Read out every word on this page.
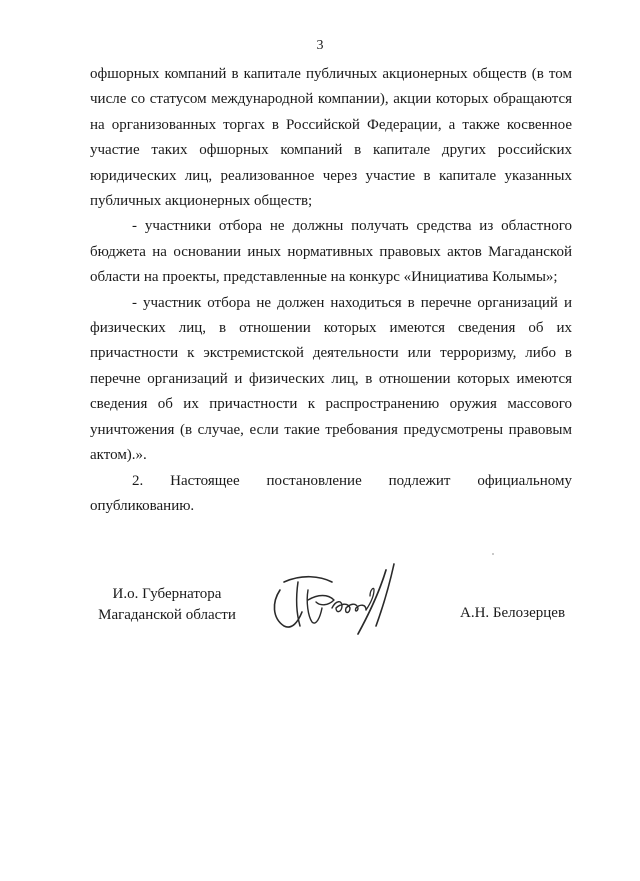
3

офшорных компаний в капитале публичных акционерных обществ (в том числе со статусом международной компании), акции которых обращаются на организованных торгах в Российской Федерации, а также косвенное участие таких офшорных компаний в капитале других российских юридических лиц, реализованное через участие в капитале указанных публичных акционерных обществ;

- участники отбора не должны получать средства из областного бюджета на основании иных нормативных правовых актов Магаданской области на проекты, представленные на конкурс «Инициатива Колымы»;

- участник отбора не должен находиться в перечне организаций и физических лиц, в отношении которых имеются сведения об их причастности к экстремистской деятельности или терроризму, либо в перечне организаций и физических лиц, в отношении которых имеются сведения об их причастности к распространению оружия массового уничтожения (в случае, если такие требования предусмотрены правовым актом).».

2. Настоящее постановление подлежит официальному опубликованию.

И.о. Губернатора
Магаданской области	А.Н. Белозерцев
